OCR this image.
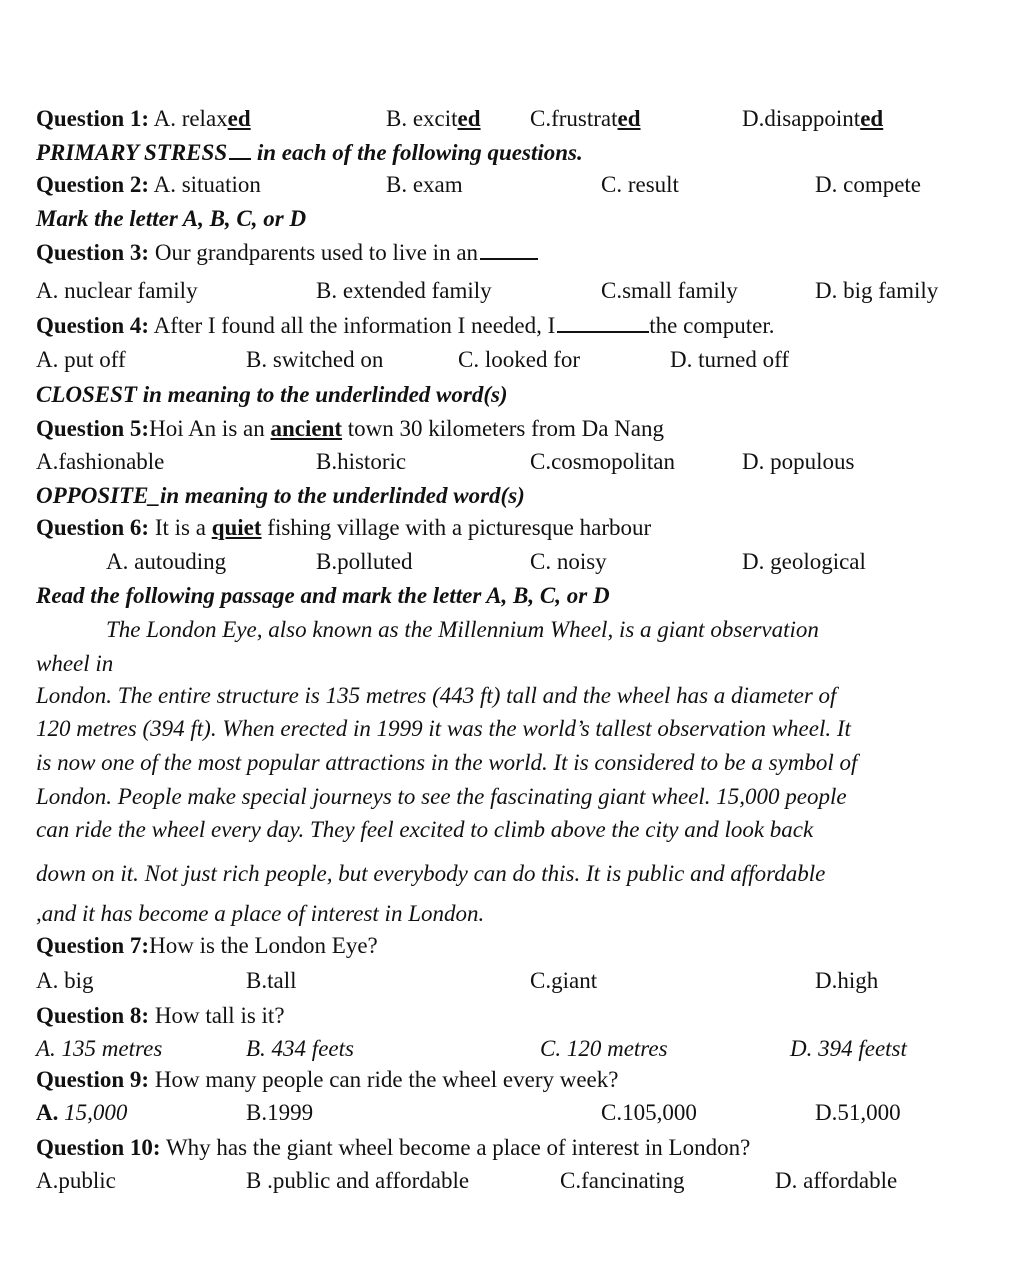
Question 1: A. relaxed	B. excited C.frustrated	D.disappointed
PRIMARY STRESS in each of the following questions.
Question 2: A. situation	B. exam	C. result	D. compete
Mark the letter A, B, C, or D
Question 3: Our grandparents used to live in an
A. nuclear family	B. extended family	C.small family	D. big family
Question 4: After I found all the information I needed, I	the computer.
A. put off	B. switched on	C. looked for	D. turned off
CLOSEST in meaning to the underlinded word(s)
Question 5:Hoi An is an ancient town 30 kilometers from Da Nang
A.fashionable	B.historic	C.cosmopolitan	D. populous
OPPOSITE_in meaning to the underlinded word(s)
Question 6: It is a quiet fishing village with a picturesque harbour
A. autouding	B.polluted	C. noisy	D. geological
Read the following passage and mark the letter A, B, C, or D
The London Eye, also known as the Millennium Wheel, is a giant observation
wheel in
London. The entire structure is 135 metres (443 ft) tall and the wheel has a diameter of
120 metres (394 ft). When erected in 1999 it was the world’s tallest observation wheel. It
is now one of the most popular attractions in the world. It is considered to be a symbol of
London. People make special journeys to see the fascinating giant wheel. 15,000 people
can ride the wheel every day. They feel excited to climb above the city and look back
down on it. Not just rich people, but everybody can do this. It is public and affordable
,and it has become a place of interest in London.
Question 7:How is the London Eye?
A. big	B.tall	C.giant	D.high
Question 8: How tall is it?
A. 135 metres	B. 434 feets	C. 120 metres	D. 394 feetst
Question 9: How many people can ride the wheel every week?
A. 15,000	B.1999	C.105,000	D.51,000
Question 10: Why has the giant wheel become a place of interest in London?
A.public	B .public and affordable	C.fancinating	D. affordable
